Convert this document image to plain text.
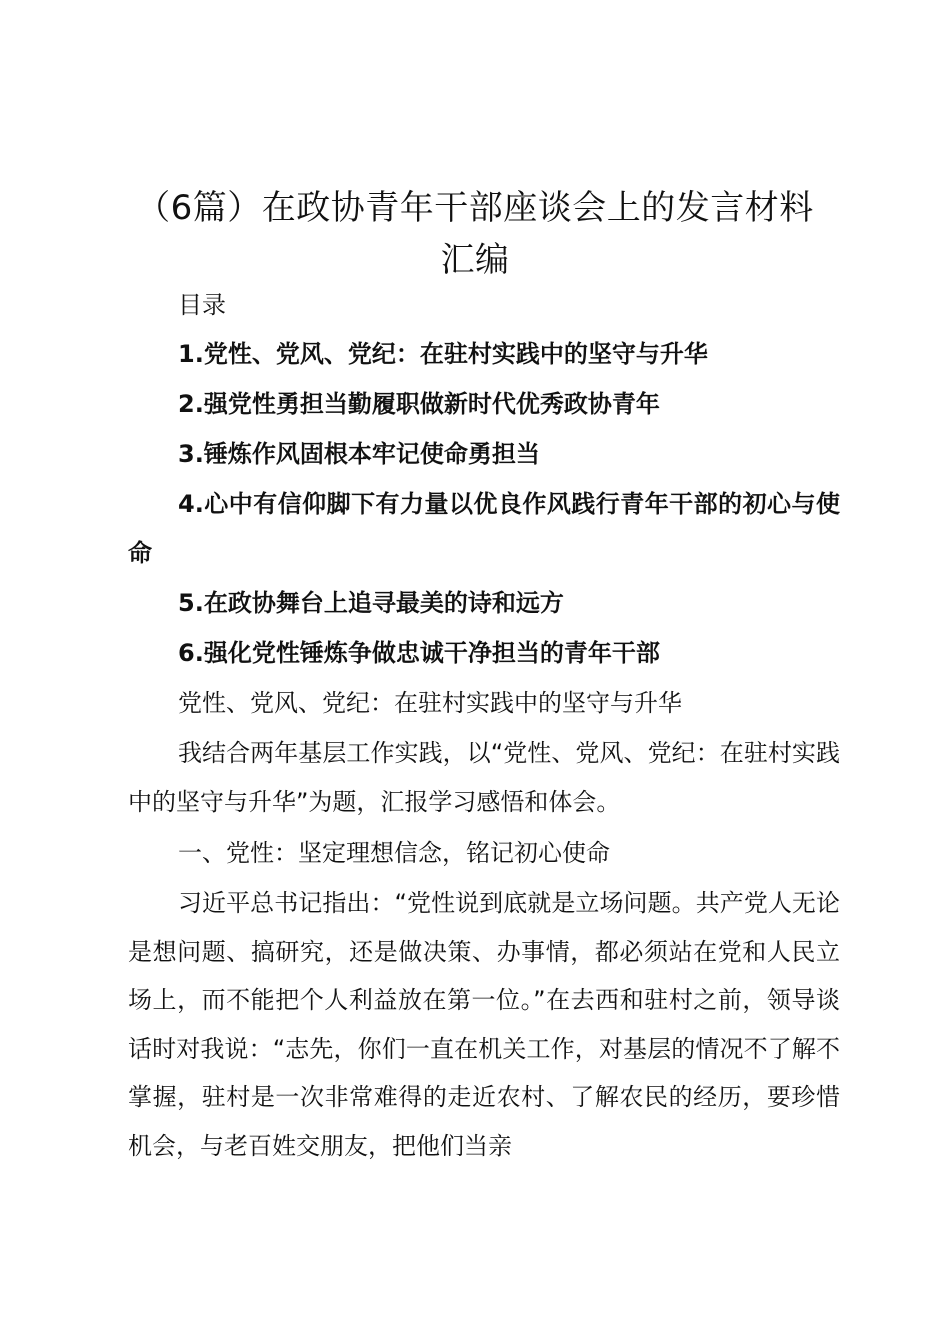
（6篇）在政协青年干部座谈会上的发言材料汇编
目录
1.党性、党风、党纪：在驻村实践中的坚守与升华
2.强党性勇担当勤履职做新时代优秀政协青年
3.锤炼作风固根本牢记使命勇担当
4.心中有信仰脚下有力量以优良作风践行青年干部的初心与使命
5.在政协舞台上追寻最美的诗和远方
6.强化党性锤炼争做忠诚干净担当的青年干部
党性、党风、党纪：在驻村实践中的坚守与升华
我结合两年基层工作实践，以“党性、党风、党纪：在驻村实践中的坚守与升华”为题，汇报学习感悟和体会。
一、党性：坚定理想信念，铭记初心使命
习近平总书记指出：“党性说到底就是立场问题。共产党人无论是想问题、搞研究，还是做决策、办事情，都必须站在党和人民立场上，而不能把个人利益放在第一位。”在去西和驻村之前，领导谈话时对我说：“志先，你们一直在机关工作，对基层的情况不了解不掌握，驻村是一次非常难得的走近农村、了解农民的经历，要珍惜机会，与老百姓交朋友，把他们当亲
